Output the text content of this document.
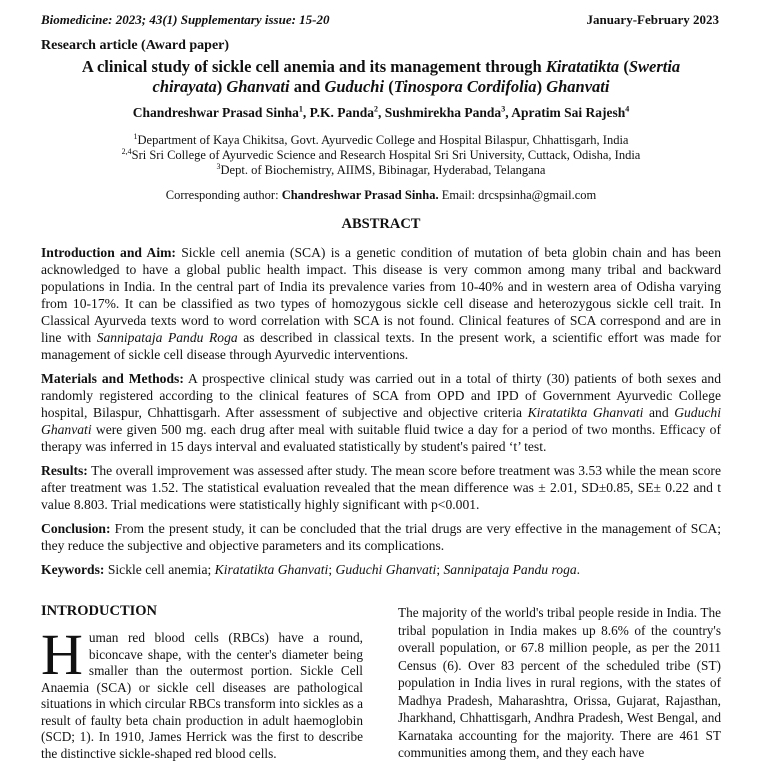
Biomedicine: 2023; 43(1) Supplementary issue: 15-20	January-February 2023
Research article (Award paper)
A clinical study of sickle cell anemia and its management through Kiratatikta (Swertia chirayata) Ghanvati and Guduchi (Tinospora Cordifolia) Ghanvati
Chandreshwar Prasad Sinha$^1$, P.K. Panda$^2$, Sushmirekha Panda$^3$, Apratim Sai Rajesh$^4$
$^1$Department of Kaya Chikitsa, Govt. Ayurvedic College and Hospital Bilaspur, Chhattisgarh, India
$^{2,4}$Sri Sri College of Ayurvedic Science and Research Hospital Sri Sri University, Cuttack, Odisha, India
$^3$Dept. of Biochemistry, AIIMS, Bibinagar, Hyderabad, Telangana
Corresponding author: Chandreshwar Prasad Sinha. Email: drcspsinha@gmail.com
ABSTRACT

Introduction and Aim: Sickle cell anemia (SCA) is a genetic condition of mutation of beta globin chain and has been acknowledged to have a global public health impact. This disease is very common among many tribal and backward populations in India. In the central part of India its prevalence varies from 10-40% and in western area of Odisha varying from 10-17%. It can be classified as two types of homozygous sickle cell disease and heterozygous sickle cell trait. In Classical Ayurveda texts word to word correlation with SCA is not found. Clinical features of SCA correspond and are in line with Sannipataja Pandu Roga as described in classical texts. In the present work, a scientific effort was made for management of sickle cell disease through Ayurvedic interventions.

Materials and Methods: A prospective clinical study was carried out in a total of thirty (30) patients of both sexes and randomly registered according to the clinical features of SCA from OPD and IPD of Government Ayurvedic College hospital, Bilaspur, Chhattisgarh. After assessment of subjective and objective criteria Kiratatikta Ghanvati and Guduchi Ghanvati were given 500 mg. each drug after meal with suitable fluid twice a day for a period of two months. Efficacy of therapy was inferred in 15 days interval and evaluated statistically by student's paired ‘t’ test.

Results: The overall improvement was assessed after study. The mean score before treatment was 3.53 while the mean score after treatment was 1.52. The statistical evaluation revealed that the mean difference was ± 2.01, SD±0.85, SE± 0.22 and t value 8.803. Trial medications were statistically highly significant with p<0.001.

Conclusion: From the present study, it can be concluded that the trial drugs are very effective in the management of SCA; they reduce the subjective and objective parameters and its complications.

Keywords: Sickle cell anemia; Kiratatikta Ghanvati; Guduchi Ghanvati; Sannipataja Pandu roga.

INTRODUCTION

Human red blood cells (RBCs) have a round, biconcave shape, with the center's diameter being smaller than the outermost portion. Sickle Cell Anaemia (SCA) or sickle cell diseases are pathological situations in which circular RBCs transform into sickles as a result of faulty beta chain production in adult haemoglobin (SCD; 1). In 1910, James Herrick was the first to describe the distinctive sickle-shaped red blood cells.

The majority of the world's tribal people reside in India. The tribal population in India makes up 8.6% of the country's overall population, or 67.8 million people, as per the 2011 Census (6). Over 83 percent of the scheduled tribe (ST) population in India lives in rural regions, with the states of Madhya Pradesh, Maharashtra, Orissa, Gujarat, Rajasthan, Jharkhand, Chhattisgarh, Andhra Pradesh, West Bengal, and Karnataka accounting for the majority. There are 461 ST communities among them, and they each have
